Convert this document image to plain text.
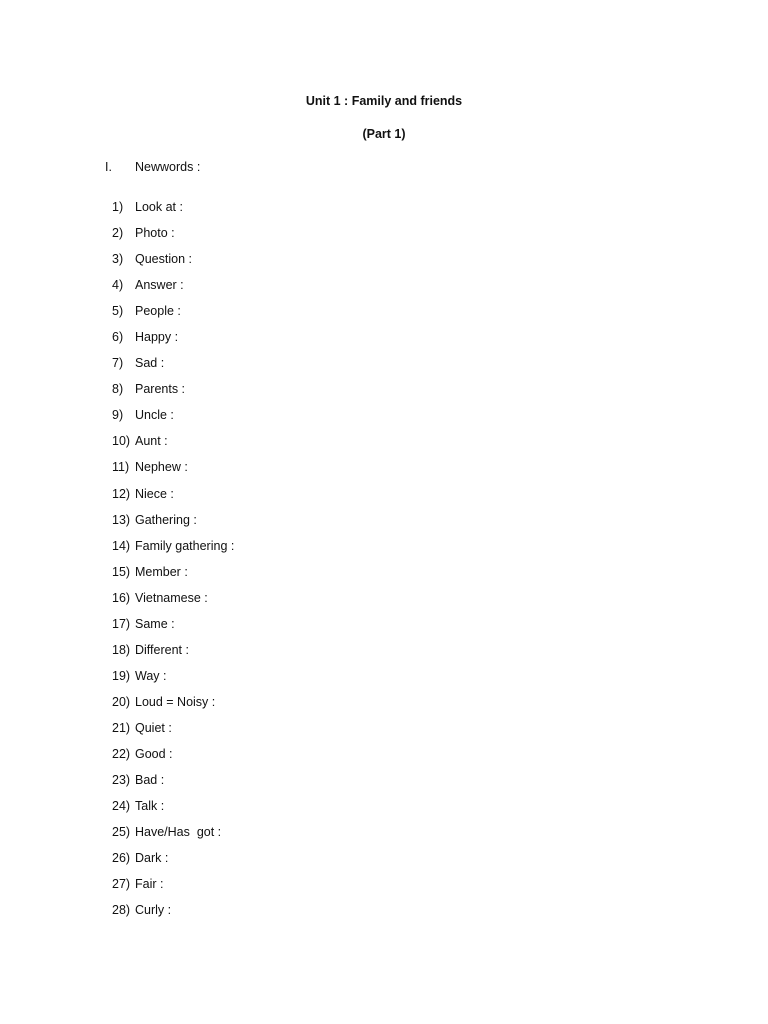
Unit 1 : Family and friends
(Part 1)
I. Newwords :
1) Look at :
2) Photo :
3) Question :
4) Answer :
5) People :
6) Happy :
7) Sad :
8) Parents :
9) Uncle :
10) Aunt :
11) Nephew :
12) Niece :
13) Gathering :
14) Family gathering :
15) Member :
16) Vietnamese :
17) Same :
18) Different :
19) Way :
20) Loud = Noisy :
21) Quiet :
22) Good :
23) Bad :
24) Talk :
25) Have/Has  got :
26) Dark :
27) Fair :
28) Curly :
